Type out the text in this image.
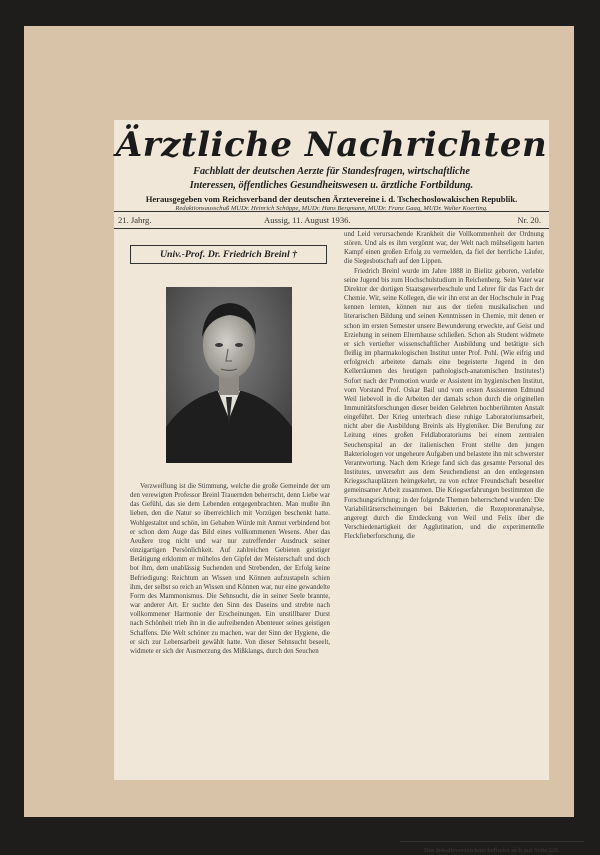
Ärztliche Nachrichten
Fachblatt der deutschen Aerzte für Standesfragen, wirtschaftliche
Interessen, öffentliches Gesundheitswesen u. ärztliche Fortbildung.
Herausgegeben vom Reichsverband der deutschen Ärztevereine i. d. Tschechoslowakischen Republik.
Redaktionsausschuß MUDr. Heinrich Schöppe, MUDr. Hans Bergmann, MUDr. Franz Gaag, MUDr. Walter Koerting.
21. Jahrg.	Aussig, 11. August 1936.	Nr. 20.
Univ.-Prof. Dr. Friedrich Breinl †

Verzweiflung ist die Stimmung, welche die große Gemeinde der um den verewigten Professor Breinl Trauernden beherrscht, denn Liebe war das Gefühl, das sie dem Lebenden entgegenbrachten. Man mußte ihn lieben, den die Natur so überreichlich mit Vorzügen beschenkt hatte. Wohlgestaltet und schön, im Gehaben Würde mit Anmut verbindend bot er schon dem Auge das Bild eines vollkommenen Wesens. Aber das Aeußere trog nicht und war nur zutreffender Ausdruck seiner einzigartigen Persönlichkeit. Auf zahlreichen Gebieten geistiger Betätigung erklomm er mühelos den Gipfel der Meisterschaft und doch bot ihm, dem unablässig Suchenden und Strebenden, der Erfolg keine Befriedigung: Reichtum an Wissen und Können aufzustapeln schien ihm, der selbst so reich an Wissen und Können war, nur eine gewandelte Form des Mammonismus. Die Sehnsucht, die in seiner Seele brannte, war anderer Art. Er suchte den Sinn des Daseins und strebte nach vollkommener Harmonie der Erscheinungen. Ein unstillbarer Durst nach Schönheit trieb ihn in die aufreibenden Abenteuer seines geistigen Schaffens. Die Welt schöner zu machen, war der Sinn der Hygiene, die er sich zur Lebensarbeit gewählt hatte. Von dieser Sehnsucht beseelt, widmete er sich der Ausmerzung des Mißklangs, durch den Seuchen

und Leid verursachende Krankheit die Vollkommenheit der Ordnung stören. Und als es ihm vergönnt war, der Welt nach mühseligem harten Kampf einen großen Erfolg zu vermelden, da fiel der herrliche Läufer, die Siegesbotschaft auf den Lippen.

Friedrich Breinl wurde im Jahre 1888 in Bielitz geboren, verlebte seine Jugend bis zum Hochschulstudium in Reichenberg. Sein Vater war Direktor der dortigen Staatsgewerbeschule und Lehrer für das Fach der Chemie. Wir, seine Kollegen, die wir ihn erst an der Hochschule in Prag kennen lernten, können nur aus der tiefen musikalischen und literarischen Bildung und seinen Kenntnissen in Chemie, mit denen er schon im ersten Semester unsere Bewunderung erweckte, auf Geist und Erziehung in seinem Elternhause schließen. Schon als Student widmete er sich vertiefter wissenschaftlicher Ausbildung und betätigte sich fleißig im pharmakologischen Institut unter Prof. Pohl. (Wie eifrig und erfolgreich arbeitete damals eine begeisterte Jugend in den Kellerräumen des heutigen pathologisch-anatomischen Institutes!) Sofort nach der Promotion wurde er Assistent im hygienischen Institut, vom Vorstand Prof. Oskar Bail und vom ersten Assistenten Edmund Weil liebevoll in die Arbeiten der damals schon durch die originellen Immunitätsforschungen dieser beiden Gelehrten hochberühmten Anstalt eingeführt. Der Krieg unterbrach diese ruhige Laboratoriumsarbeit, nicht aber die Ausbildung Breinls als Hygieniker. Die Berufung zur Leitung eines großen Feldlaboratoriums bei einem zentralen Seuchenspital an der italienischen Front stellte den jungen Bakteriologen vor ungeheure Aufgaben und belastete ihn mit schwerster Verantwortung. Nach dem Kriege fand sich das gesamte Personal des Institutes, unversehrt aus dem Seuchendienst an den entlegensten Kriegsschauplätzen heimgekehrt, zu von echter Freundschaft beseelter gemeinsamer Arbeit zusammen. Die Kriegserfahrungen bestimmten die Forschungsrichtung; in der folgende Themen beherrschend wurden: Die Variabilitätserscheinungen bei Bakterien, die Rezeptorenanalyse, angeregt durch die Entdeckung von Weil und Felix über die Verschiedenartigkeit der Agglutination, und die experimentelle Fleckfieberforschung, die

Das Inhaltsverzeichnis befindet sich auf Seite 526.
